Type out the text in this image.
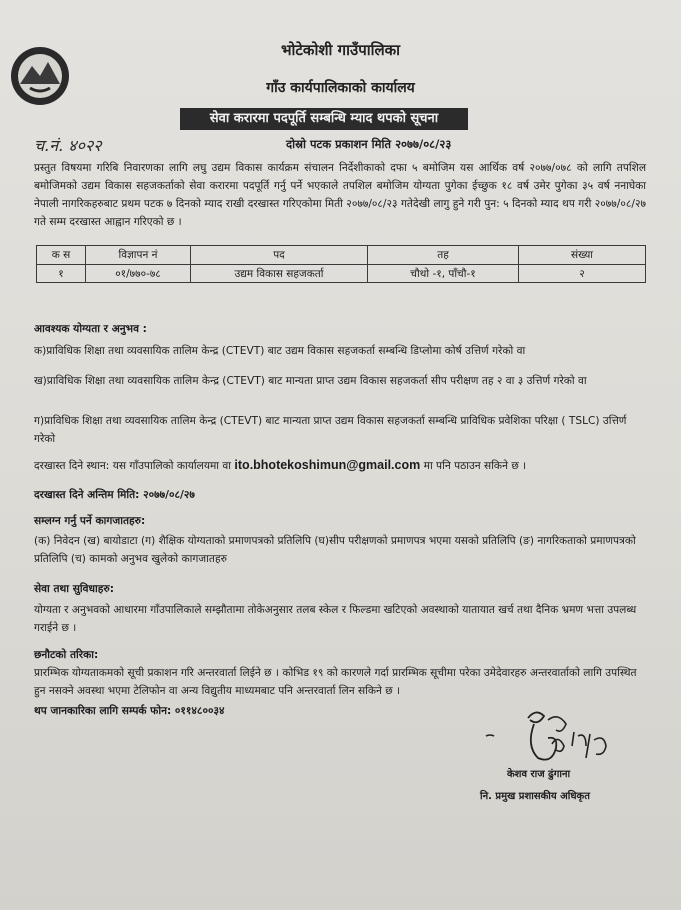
भोटेकोशी गाउँपालिका
गाँउ कार्यपालिकाको कार्यालय
सेवा करारमा पदपूर्ति सम्बन्धि म्याद थपको सूचना
च.नं. ४०२२	दोस्रो पटक प्रकाशन मिति २०७७/०८/२३
प्रस्तुत विषयमा गरिबि निवारणका लागि लघु उद्यम विकास कार्यक्रम संचालन निर्देशीकाको दफा ५ बमोजिम यस आर्थिक वर्ष २०७७/०७८ को लागि तपशिल बमोजिमको उद्यम विकास सहजकर्ताको सेवा करारमा पदपूर्ति गर्नु पर्ने भएकाले तपशिल बमोजिम योग्यता पुगेका ईच्छुक १८ वर्ष उमेर पुगेका ३५ वर्ष ननाघेका नेपाली नागरिकहरुबाट प्रथम पटक ७ दिनको म्याद राखी दरखास्त गरिएकोमा मिती २०७७/०८/२३ गतेदेखी लागु हुने गरी पुन: ५ दिनको म्याद थप गरी २०७७/०८/२७ गते सम्म दरखास्त आह्वान गरिएको छ ।
क स	विज्ञापन नं	पद	तह	संख्या
१	०१/७७०-७८	उद्यम विकास सहजकर्ता	चौथो -१, पाँचौ-१	२
आवश्यक योग्यता र अनुभव :
क)प्राविधिक शिक्षा तथा व्यवसायिक तालिम केन्द्र (CTEVT) बाट उद्यम विकास सहजकर्ता सम्बन्धि डिप्लोमा कोर्ष उत्तिर्ण गरेको वा
ख)प्राविधिक शिक्षा तथा व्यवसायिक तालिम केन्द्र (CTEVT) बाट मान्यता प्राप्त उद्यम विकास सहजकर्ता सीप परीक्षण तह २ वा ३ उत्तिर्ण गरेको वा
ग)प्राविधिक शिक्षा तथा व्यवसायिक तालिम केन्द्र (CTEVT) बाट मान्यता प्राप्त उद्यम विकास सहजकर्ता सम्बन्धि प्राविधिक प्रवेशिका परिक्षा ( TSLC) उत्तिर्ण गरेको
दरखास्त दिने स्थान: यस गाँउपालिको कार्यालयमा वा ito.bhotekoshimun@gmail.com मा पनि पठाउन सकिने छ ।
दरखास्त दिने अन्तिम मिति: २०७७/०८/२७
सम्लग्न गर्नु पर्ने कागजातहरु:
(क) निवेदन (ख) बायोडाटा (ग) शैक्षिक योग्यताको प्रमाणपत्रको प्रतिलिपि (घ)सीप परीक्षणको प्रमाणपत्र भएमा यसको प्रतिलिपि (ङ) नागरिकताको प्रमाणपत्रको प्रतिलिपि (च) कामको अनुभव खुलेको कागजातहरु
सेवा तथा सुविधाहरु:
योग्यता र अनुभवको आधारमा गाँउपालिकाले सम्झौतामा तोकेअनुसार तलब स्केल र फिल्डमा खटिएको अवस्थाको यातायात खर्च तथा दैनिक भ्रमण भत्ता उपलब्ध गराईने छ ।
छनौटको तरिका:
प्रारम्भिक योग्यताकमको सूची प्रकाशन गरि अन्तरवार्ता लिईने छ । कोभिड १९ को कारणले गर्दा प्रारम्भिक सूचीमा परेका उमेदेवारहरु अन्तरवार्ताको लागि उपस्थित हुन नसक्ने अवस्था भएमा टेलिफोन वा अन्य विद्युतीय माध्यमबाट पनि अन्तरवार्ता लिन सकिने छ ।
थप जानकारिका लागि सम्पर्क फोन: ०११४८००३४
केशव राज ढुंगाना
नि. प्रमुख प्रशासकीय अधिकृत
